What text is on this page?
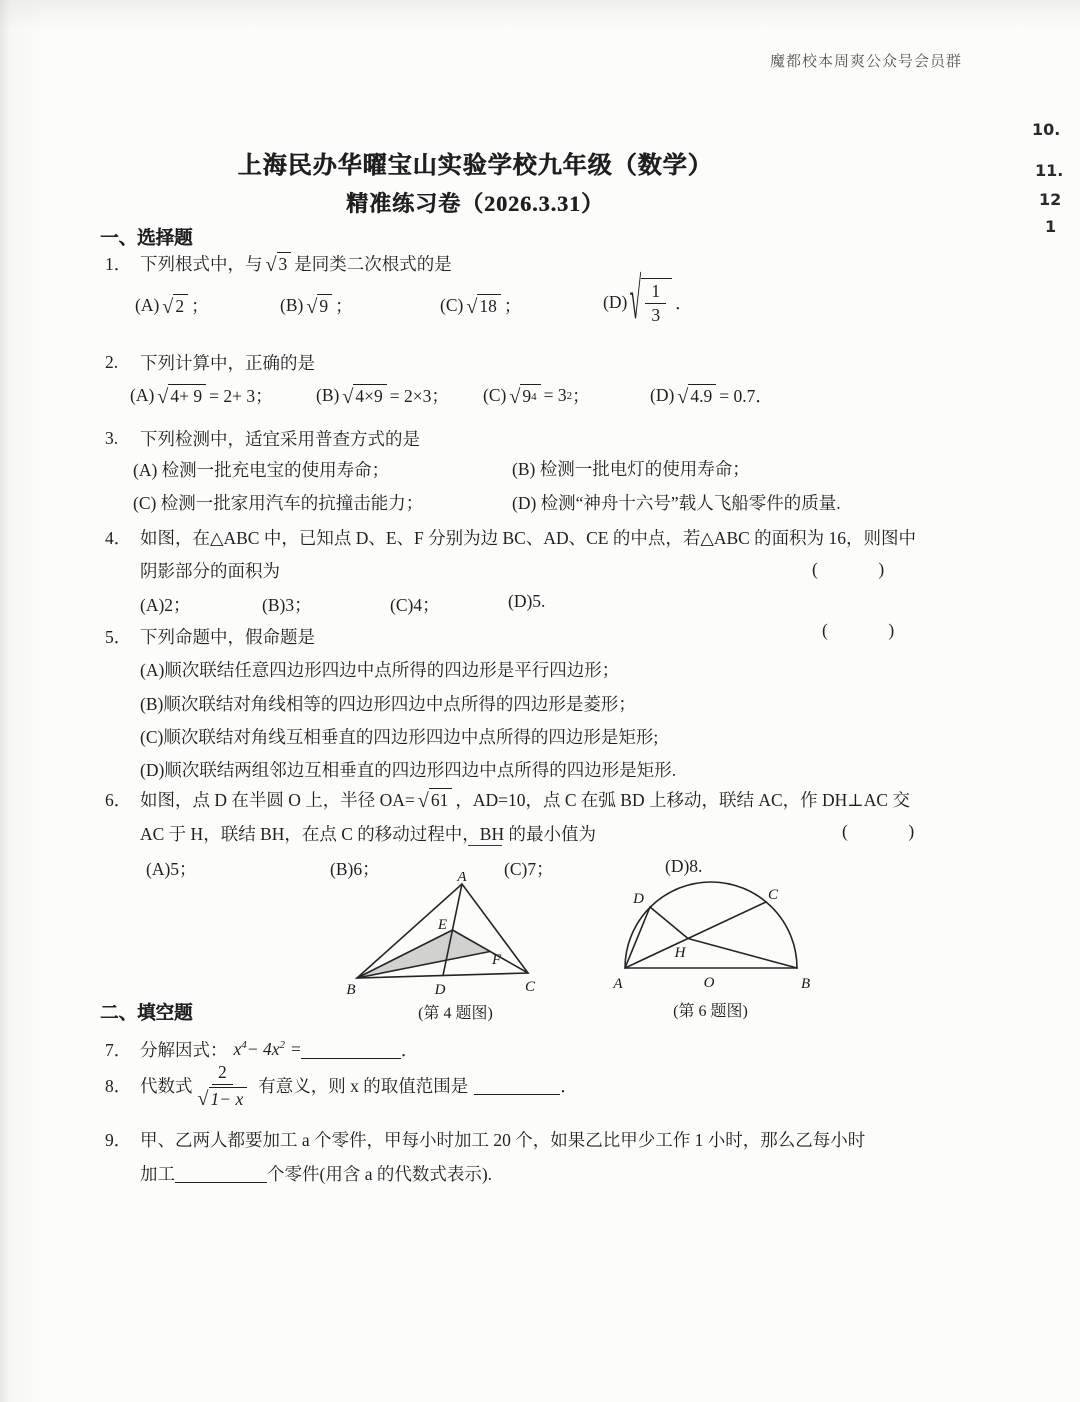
魔都校本周爽公众号会员群
10.
11.
12
1
上海民办华曜宝山实验学校九年级（数学）
精准练习卷（2026.3.31）
一、选择题
1． 下列根式中，与 √ 3 是同类二次根式的是
(A) √ 2 ；	(B) √ 9 ；	(C) √ 18 ；	(D) √ $\frac{1}{3}$ ．
2.	下列计算中，正确的是
(A) √ 4+ 9 = 2+ 3； (B) √ 4×9 = 2×3； (C) √ 9 4 = 3 2 ；	(D) √ 4.9 = 0.7．
3.	下列检测中，适宜采用普查方式的是
(A) 检测一批充电宝的使用寿命；	(B) 检测一批电灯的使用寿命；
(C) 检测一批家用汽车的抗撞击能力；	(D) 检测“神舟十六号”载人飞船零件的质量.
4． 如图，在△ABC 中，已知点 D、E、F 分别为边 BC、AD、CE 的中点，若△ABC 的面积为 16，则图中
阴影部分的面积为	(　　　)
(A)2；	(B)3；	(C)4；	(D)5.
5． 下列命题中，假命题是	(　　　)
(A)顺次联结任意四边形四边中点所得的四边形是平行四边形；
(B)顺次联结对角线相等的四边形四边中点所得的四边形是菱形；
(C)顺次联结对角线互相垂直的四边形四边中点所得的四边形是矩形;
(D)顺次联结两组邻边互相垂直的四边形四边中点所得的四边形是矩形.
6． 如图，点 D 在半圆 O 上，半径 OA= √ 61 ，AD=10，点 C 在弧 BD 上移动，联结 AC，作 DH⊥AC 交
AC 于 H，联结 BH，在点 C 的移动过程中，BH 的最小值为	(　　　)
(A)5；	(B)6；	(C)7；	(D)8.
A
B	C
D
E
F
(第 4 题图)
A	B
C
D
H
O
(第 6 题图)
二、填空题
7． 分解因式： $x^4- 4x^2$ =	．
8． 代数式 $\frac{2}{√ 1- x}$ 有意义，则 x 的取值范围是	．
9． 甲、乙两人都要加工 a 个零件，甲每小时加工 20 个，如果乙比甲少工作 1 小时，那么乙每小时
加工	个零件(用含 a 的代数式表示).
